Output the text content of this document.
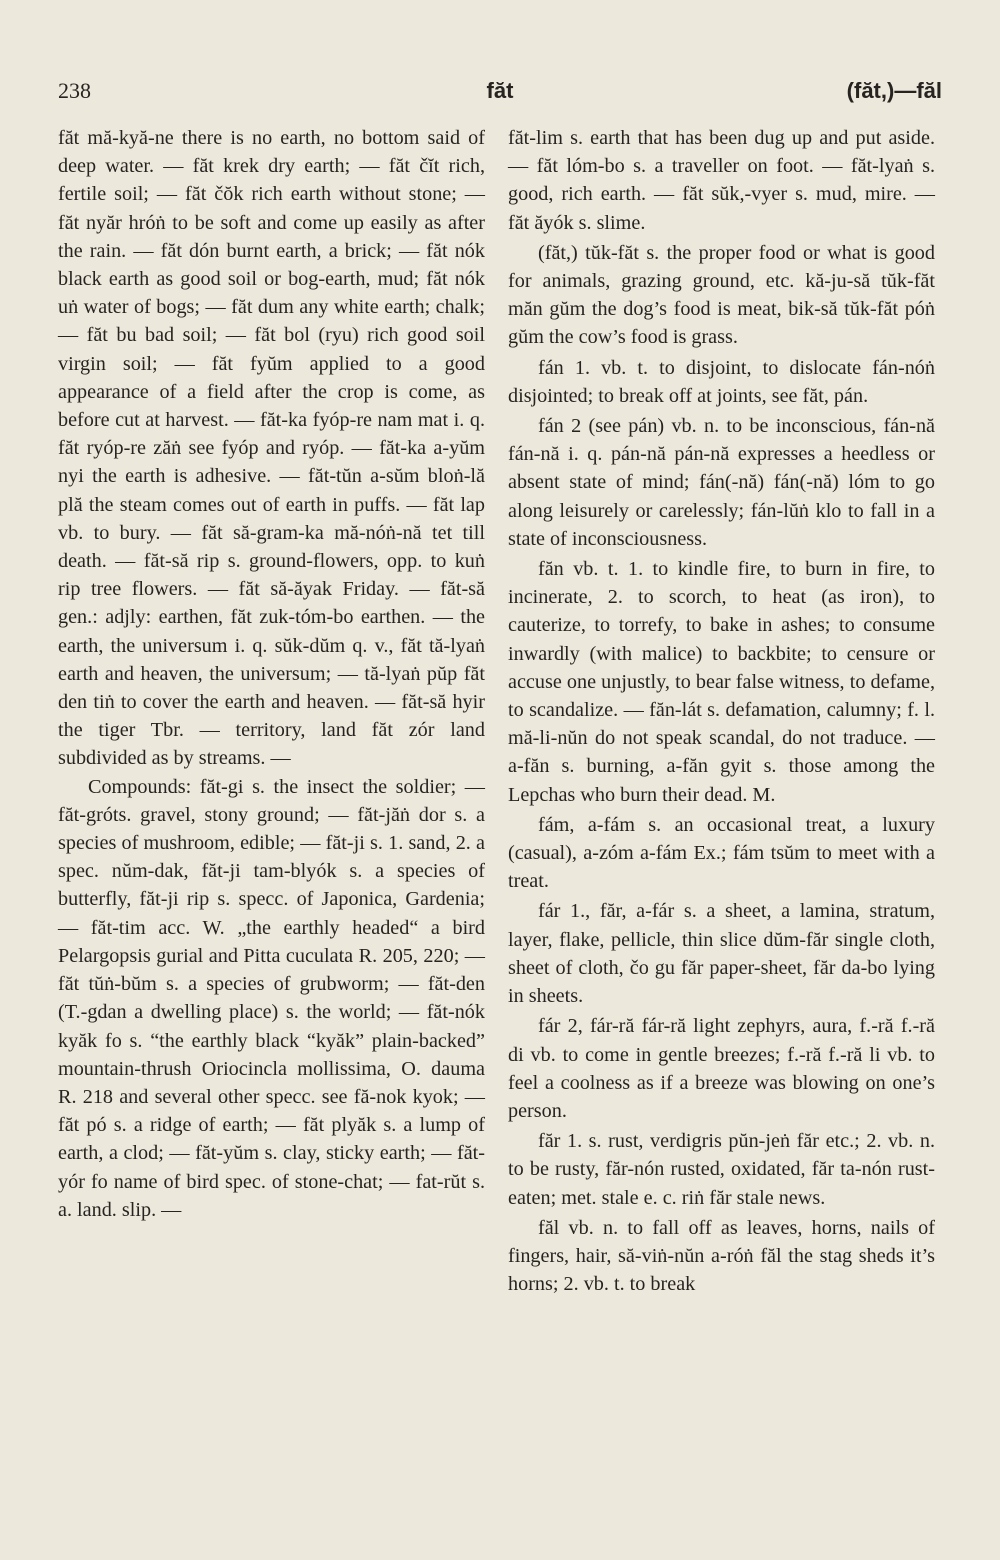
238	făt	(făt,)—făl

făt mă-kyă-ne there is no earth, no bottom said of deep water. — făt krek dry earth; — făt čĭt rich, fertile soil; — făt čŏk rich earth without stone; — făt nyăr hróṅ to be soft and come up easily as after the rain. — făt dón burnt earth, a brick; — făt nók black earth as good soil or bog-earth, mud; făt nók uṅ water of bogs; — făt dum any white earth; chalk; — făt bu bad soil; — făt bol (ryu) rich good soil virgin soil; — făt fyŭm applied to a good appearance of a field after the crop is come, as before cut at harvest. — făt-ka fyóp-re nam mat i. q. făt ryóp-re zăṅ see fyóp and ryóp. — făt-ka a-yŭm nyi the earth is adhesive. — făt-tŭn a-sŭm bloṅ-lă plă the steam comes out of earth in puffs. — făt lap vb. to bury. — făt să-gram-ka mă-nóṅ-nă tet till death. — făt-să rip s. ground-flowers, opp. to kuṅ rip tree flowers. — făt să-ăyak Friday. — făt-să gen.: adjly: earthen, făt zuk-tóm-bo earthen. — the earth, the universum i. q. sŭk-dŭm q. v., făt tă-lyaṅ earth and heaven, the universum; — tă-lyaṅ pŭp făt den tiṅ to cover the earth and heaven. — făt-să hyir the tiger Tbr. — territory, land făt zór land subdivided as by streams. —

Compounds: făt-gi s. the insect the soldier; — făt-gróts. gravel, stony ground; — făt-jăṅ dor s. a species of mushroom, edible; — făt-ji s. 1. sand, 2. a spec. nŭm-dak, făt-ji tam-blyók s. a species of butterfly, făt-ji rip s. specc. of Japonica, Gardenia; — făt-tim acc. W. „the earthly headed“ a bird Pelargopsis gurial and Pitta cuculata R. 205, 220; — făt tŭṅ-bŭm s. a species of grubworm; — făt-den (T.-gdan a dwelling place) s. the world; — făt-nók kyăk fo s. “the earthly black “kyăk” plain-backed” mountain-thrush Oriocincla mollissima, O. dauma R. 218 and several other specc. see fă-nok kyok; — făt pó s. a ridge of earth; — făt plyăk s. a lump of earth, a clod; — făt-yŭm s. clay, sticky earth; — făt-yór fo name of bird spec. of stone-chat; — fat-rŭt s. a. land. slip. —

făt-lim s. earth that has been dug up and put aside. — făt lóm-bo s. a traveller on foot. — făt-lyaṅ s. good, rich earth. — făt sŭk,-vyer s. mud, mire. — făt ăyók s. slime.

(făt,) tŭk-făt s. the proper food or what is good for animals, grazing ground, etc. kă-ju-să tŭk-făt măn gŭm the dog’s food is meat, bik-să tŭk-făt póṅ gŭm the cow’s food is grass.

fán 1. vb. t. to disjoint, to dislocate fán-nóṅ disjointed; to break off at joints, see făt, pán.

fán 2 (see pán) vb. n. to be inconscious, fán-nă fán-nă i. q. pán-nă pán-nă expresses a heedless or absent state of mind; fán(-nă) fán(-nă) lóm to go along leisurely or carelessly; fán-lŭṅ klo to fall in a state of inconsciousness.

făn vb. t. 1. to kindle fire, to burn in fire, to incinerate, 2. to scorch, to heat (as iron), to cauterize, to torrefy, to bake in ashes; to consume inwardly (with malice) to backbite; to censure or accuse one unjustly, to bear false witness, to defame, to scandalize. — făn-lát s. defamation, calumny; f. l. mă-li-nŭn do not speak scandal, do not traduce. — a-făn s. burning, a-făn gyit s. those among the Lepchas who burn their dead. M.

fám, a-fám s. an occasional treat, a luxury (casual), a-zóm a-fám Ex.; fám tsŭm to meet with a treat.

fár 1., făr, a-fár s. a sheet, a lamina, stratum, layer, flake, pellicle, thin slice dŭm-făr single cloth, sheet of cloth, čo gu făr paper-sheet, făr da-bo lying in sheets.

fár 2, fár-ră fár-ră light zephyrs, aura, f.-ră f.-ră di vb. to come in gentle breezes; f.-ră f.-ră li vb. to feel a coolness as if a breeze was blowing on one’s person.

făr 1. s. rust, verdigris pŭn-jeṅ făr etc.; 2. vb. n. to be rusty, făr-nón rusted, oxidated, făr ta-nón rust-eaten; met. stale e. c. riṅ făr stale news.

făl vb. n. to fall off as leaves, horns, nails of fingers, hair, să-viṅ-nŭn a-róṅ făl the stag sheds it’s horns; 2. vb. t. to break
